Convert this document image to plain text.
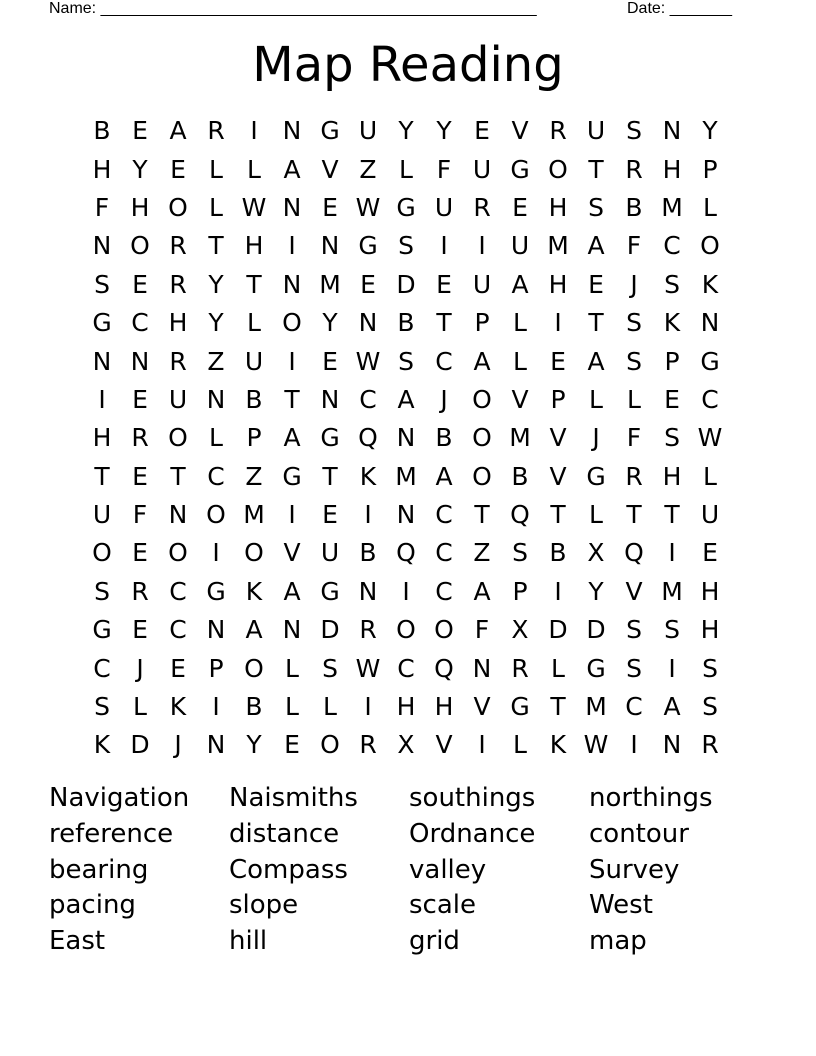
Name: _________________________________________________	Date: _______
Map Reading
B E A R	I N G U Y Y E V R U S N Y
H Y E L L A V Z L F U G O T R H P
F H O L W N E W G U R E H S B M L
N O R T H I N G S	I	I	U M A F C O
S E R Y T N M E D E U A H E	J	S K
G C H Y L O Y N B T P L	I	T S K N
N N R Z U	I	E W S C A L E A S P G
I	E U N B T N C A	J O V P L L E C
H R O L P A G Q N B O M V	J	F S W
T E T C Z G T K M A O B V G R H L
U F N O M I	E	I N C T Q T L T T U
O E O I O V U B Q C Z S B X Q I	E
S R C G K A G N I	C A P	I	Y V M H
G E C N A N D R O O F X D D S S H
C	J	E P O L S W C Q N R L G S	I	S
S L K	I	B L L	I H H V G T M C A S
K D J N Y E O R X V	I	L K W I N R
Navigation	Naismiths	southings	northings
reference	distance	Ordnance	contour
bearing	Compass	valley	Survey
pacing	slope	scale	West
East	hill	grid	map
